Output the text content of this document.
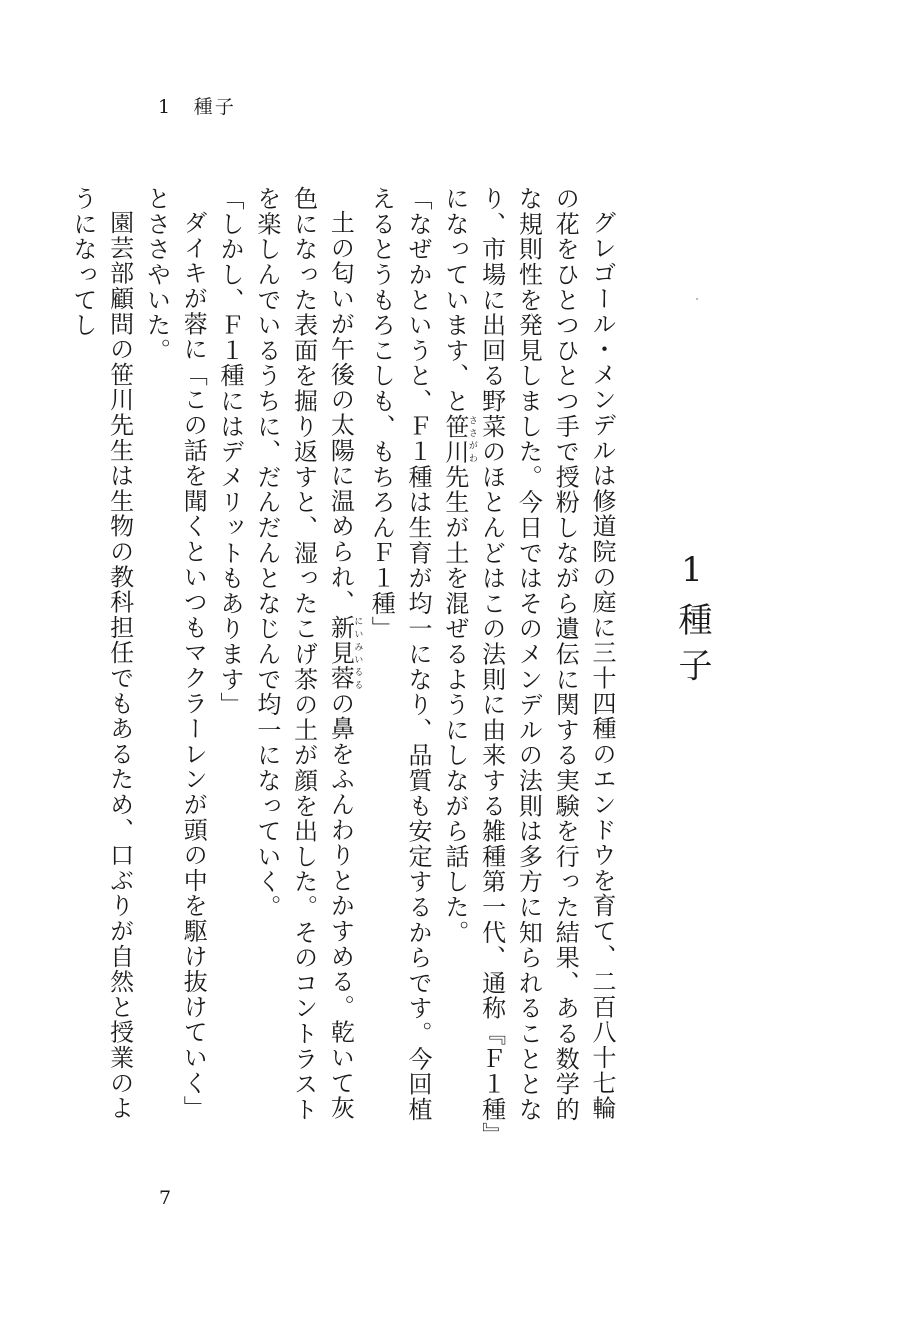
1　 種子
1種子

グレゴール・メンデルは修道院の庭に三十四種のエンドウを育て、二百八十七輪の花をひとつひとつ手で授粉しながら遺伝に関する実験を行った結果、ある数学的な規則性を発見しました。今日ではそのメンデルの法則は多方に知られることとなり、市場に出回る野菜のほとんどはこの法則に由来する雑種第一代、通称『Ｆ１種』になっています、と笹川ささがわ先生が土を混ぜるようにしながら話した。

「なぜかというと、Ｆ１種は生育が均一になり、品質も安定するからです。今回植えるとうもろこしも、もちろんＦ１種」

土の匂いが午後の太陽に温められ、新見蓉にいみいるるの鼻をふんわりとかすめる。乾いて灰色になった表面を掘り返すと、湿ったこげ茶の土が顔を出した。そのコントラストを楽しんでいるうちに、だんだんとなじんで均一になっていく。

「しかし、Ｆ１種にはデメリットもあります」

ダイキが蓉に「この話を聞くといつもマクラーレンが頭の中を駆け抜けていく」とささやいた。

園芸部顧問の笹川先生は生物の教科担任でもあるため、口ぶりが自然と授業のようになってし

7
